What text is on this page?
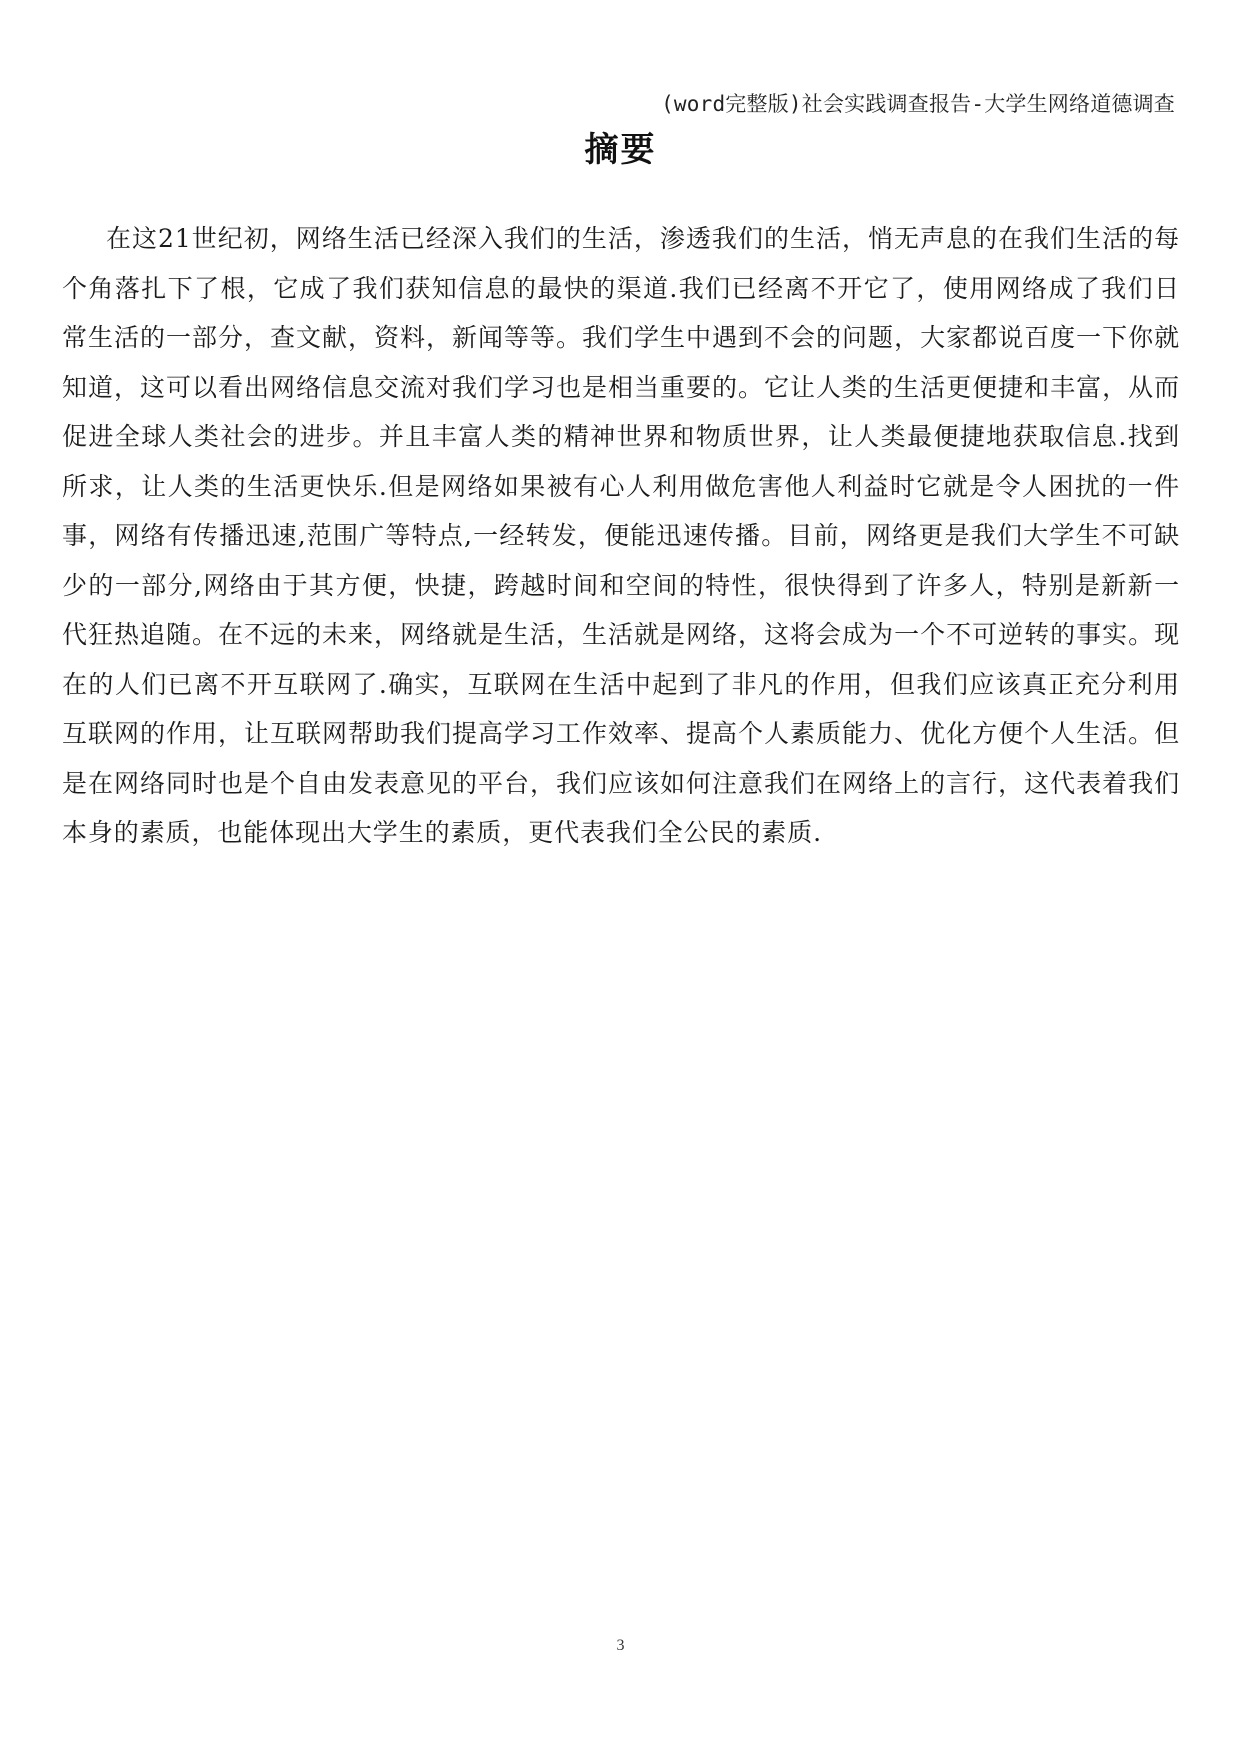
(word完整版)社会实践调查报告-大学生网络道德调查
摘要

在这21世纪初，网络生活已经深入我们的生活，渗透我们的生活，悄无声息的在我们生活的每个角落扎下了根，它成了我们获知信息的最快的渠道.我们已经离不开它了，使用网络成了我们日常生活的一部分，查文献，资料，新闻等等。我们学生中遇到不会的问题，大家都说百度一下你就知道，这可以看出网络信息交流对我们学习也是相当重要的。它让人类的生活更便捷和丰富，从而促进全球人类社会的进步。并且丰富人类的精神世界和物质世界，让人类最便捷地获取信息.找到所求，让人类的生活更快乐.但是网络如果被有心人利用做危害他人利益时它就是令人困扰的一件事，网络有传播迅速,范围广等特点,一经转发，便能迅速传播。目前，网络更是我们大学生不可缺少的一部分,网络由于其方便，快捷，跨越时间和空间的特性，很快得到了许多人，特别是新新一代狂热追随。在不远的未来，网络就是生活，生活就是网络，这将会成为一个不可逆转的事实。现在的人们已离不开互联网了.确实，互联网在生活中起到了非凡的作用，但我们应该真正充分利用互联网的作用，让互联网帮助我们提高学习工作效率、提高个人素质能力、优化方便个人生活。但是在网络同时也是个自由发表意见的平台，我们应该如何注意我们在网络上的言行，这代表着我们本身的素质，也能体现出大学生的素质，更代表我们全公民的素质.

3
